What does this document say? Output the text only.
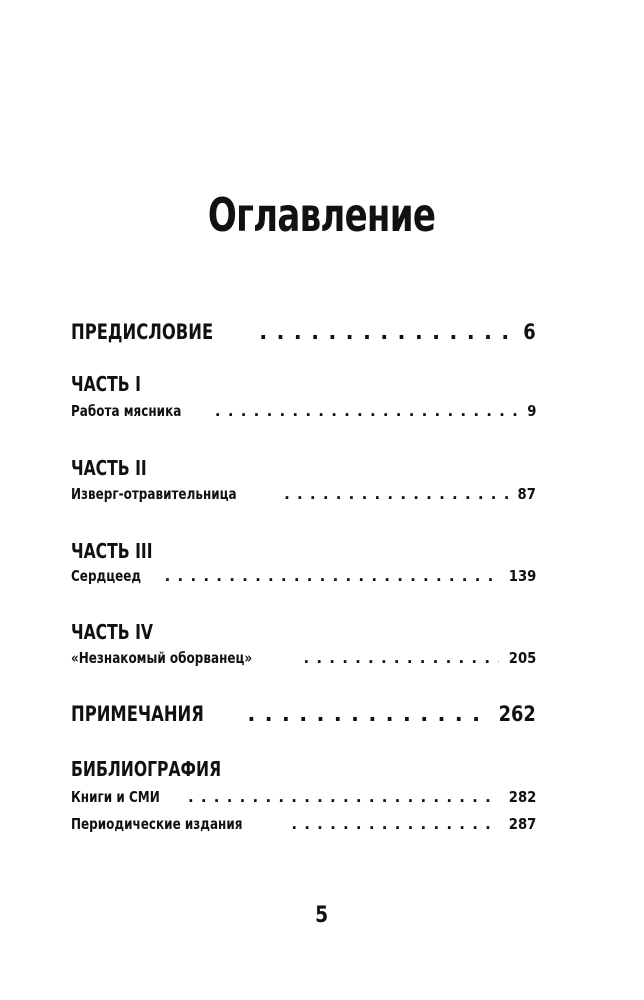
Оглавление
ПРЕДИСЛОВИЕ . . .	6
ЧАСТЬ I
Работа мясника . . .	9
ЧАСТЬ II
Изверг-отравительница . . .	87
ЧАСТЬ III
Сердцеед . . .	139
ЧАСТЬ IV
«Незнакомый оборванец» . . .	205
ПРИМЕЧАНИЯ . . .	262
БИБЛИОГРАФИЯ
Книги и СМИ . . .	282
Периодические издания . . .	287
5
